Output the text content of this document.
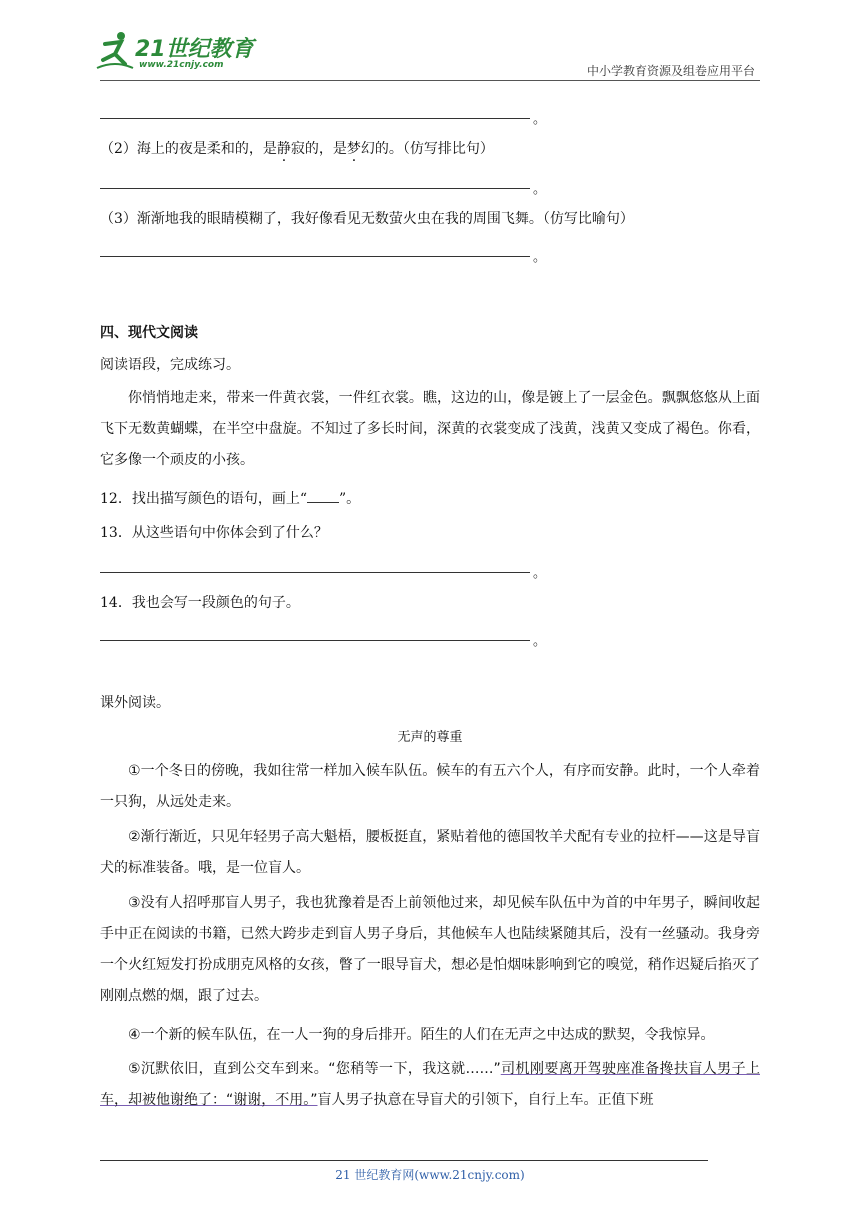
21世纪教育
www.21cnjy.com	中小学教育资源及组卷应用平台
。
（2）海上的夜是柔和的，是静寂的，是梦幻的。（仿写排比句）
。
（3）渐渐地我的眼睛模糊了，我好像看见无数萤火虫在我的周围飞舞。（仿写比喻句）
。
四、现代文阅读
阅读语段，完成练习。
你悄悄地走来，带来一件黄衣裳，一件红衣裳。瞧，这边的山，像是镀上了一层金色。飘飘悠悠从上面飞下无数黄蝴蝶，在半空中盘旋。不知过了多长时间，深黄的衣裳变成了浅黄，浅黄又变成了褐色。你看，它多像一个顽皮的小孩。
12．找出描写颜色的语句，画上“ ”。
13．从这些语句中你体会到了什么？
。
14．我也会写一段颜色的句子。
。
课外阅读。
无声的尊重
①一个冬日的傍晚，我如往常一样加入候车队伍。候车的有五六个人，有序而安静。此时，一个人牵着一只狗，从远处走来。
②渐行渐近，只见年轻男子高大魁梧，腰板挺直，紧贴着他的德国牧羊犬配有专业的拉杆——这是导盲犬的标准装备。哦，是一位盲人。
③没有人招呼那盲人男子，我也犹豫着是否上前领他过来，却见候车队伍中为首的中年男子，瞬间收起手中正在阅读的书籍，已然大跨步走到盲人男子身后，其他候车人也陆续紧随其后，没有一丝骚动。我身旁一个火红短发打扮成朋克风格的女孩，瞥了一眼导盲犬，想必是怕烟味影响到它的嗅觉，稍作迟疑后掐灭了刚刚点燃的烟，跟了过去。
④一个新的候车队伍，在一人一狗的身后排开。陌生的人们在无声之中达成的默契，令我惊异。
⑤沉默依旧，直到公交车到来。“您稍等一下，我这就……”司机刚要离开驾驶座准备搀扶盲人男子上车，却被他谢绝了：“谢谢，不用。”盲人男子执意在导盲犬的引领下，自行上车。正值下班
21 世纪教育网(www.21cnjy.com)
